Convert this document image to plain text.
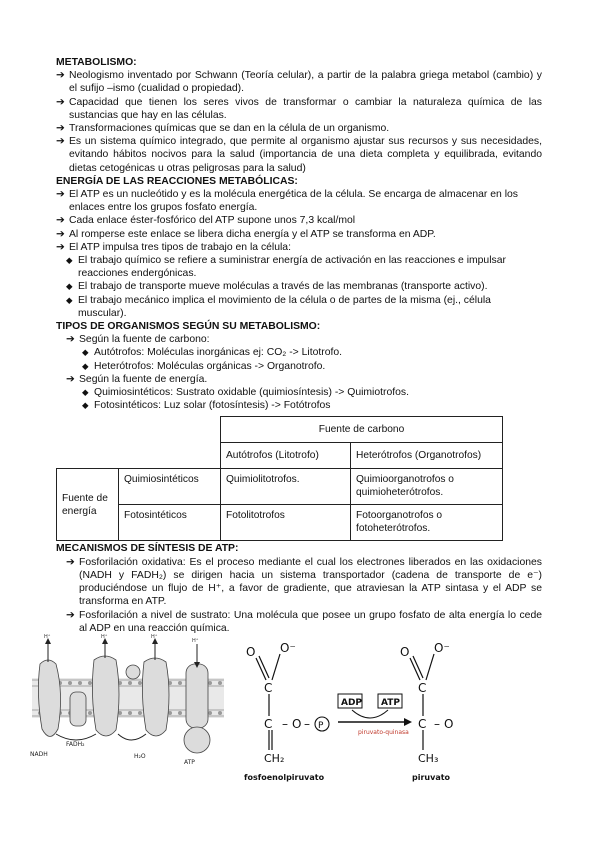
METABOLISMO:

➔ Neologismo inventado por Schwann (Teoría celular), a partir de la palabra griega metabol (cambio) y el sufijo –ismo (cualidad o propiedad).
➔ Capacidad que tienen los seres vivos de transformar o cambiar la naturaleza química de las sustancias que hay en las células.
➔ Transformaciones químicas que se dan en la célula de un organismo.
➔ Es un sistema químico integrado, que permite al organismo ajustar sus recursos y sus necesidades, evitando hábitos nocivos para la salud (importancia de una dieta completa y equilibrada, evitando dietas cetogénicas u otras peligrosas para la salud)

ENERGÍA DE LAS REACCIONES METABÓLICAS:

➔ El ATP es un nucleótido y es la molécula energética de la célula. Se encarga de almacenar en los enlaces entre los grupos fosfato energía.
➔ Cada enlace éster-fosfórico del ATP supone unos 7,3 kcal/mol
➔ Al romperse este enlace se libera dicha energía y el ATP se transforma en ADP.
➔ El ATP impulsa tres tipos de trabajo en la célula:
◆ El trabajo químico se refiere a suministrar energía de activación en las reacciones e impulsar reacciones endergónicas.
◆ El trabajo de transporte mueve moléculas a través de las membranas (transporte activo).
◆ El trabajo mecánico implica el movimiento de la célula o de partes de la misma (ej., célula muscular).

TIPOS DE ORGANISMOS SEGÚN SU METABOLISMO:

➔ Según la fuente de carbono:
◆ Autótrofos: Moléculas inorgánicas ej: CO₂ -> Litotrofo.
◆ Heterótrofos: Moléculas orgánicas -> Organotrofo.
➔ Según la fuente de energía.
◆ Quimiosintéticos: Sustrato oxidable (quimiosíntesis) -> Quimiotrofos.
◆ Fotosintéticos: Luz solar (fotosíntesis) -> Fotótrofos
		Fuente de carbono	
		Autótrofos (Litotrofo)	Heterótrofos (Organotrofos)
Fuente de energía	Quimiosintéticos	Quimiolitotrofos.	Quimioorganotrofos o quimioheterótrofos.
	Fotosintéticos	Fotolitotrofos	Fotoorganotrofos o fotoheterótrofos.

MECANISMOS DE SÍNTESIS DE ATP:

➔ Fosforilación oxidativa: Es el proceso mediante el cual los electrones liberados en las oxidaciones (NADH y FADH₂) se dirigen hacia un sistema transportador (cadena de transporte de e⁻) produciéndose un flujo de H⁺, a favor de gradiente, que atraviesan la ATP sintasa y el ADP se transforma en ATP.
➔ Fosforilación a nivel de sustrato: Una molécula que posee un grupo fosfato de alta energía lo cede al ADP en una reacción química.
H⁺	H⁺	H⁺
H⁺
NADH
FADH₂
H₂O
ATP
O O⁻
C
C – O –
CH₂
fosfoenolpiruvato
O O⁻
C
C – O
CH₃
piruvato
P
ADP ATP
piruvato-quinasa
